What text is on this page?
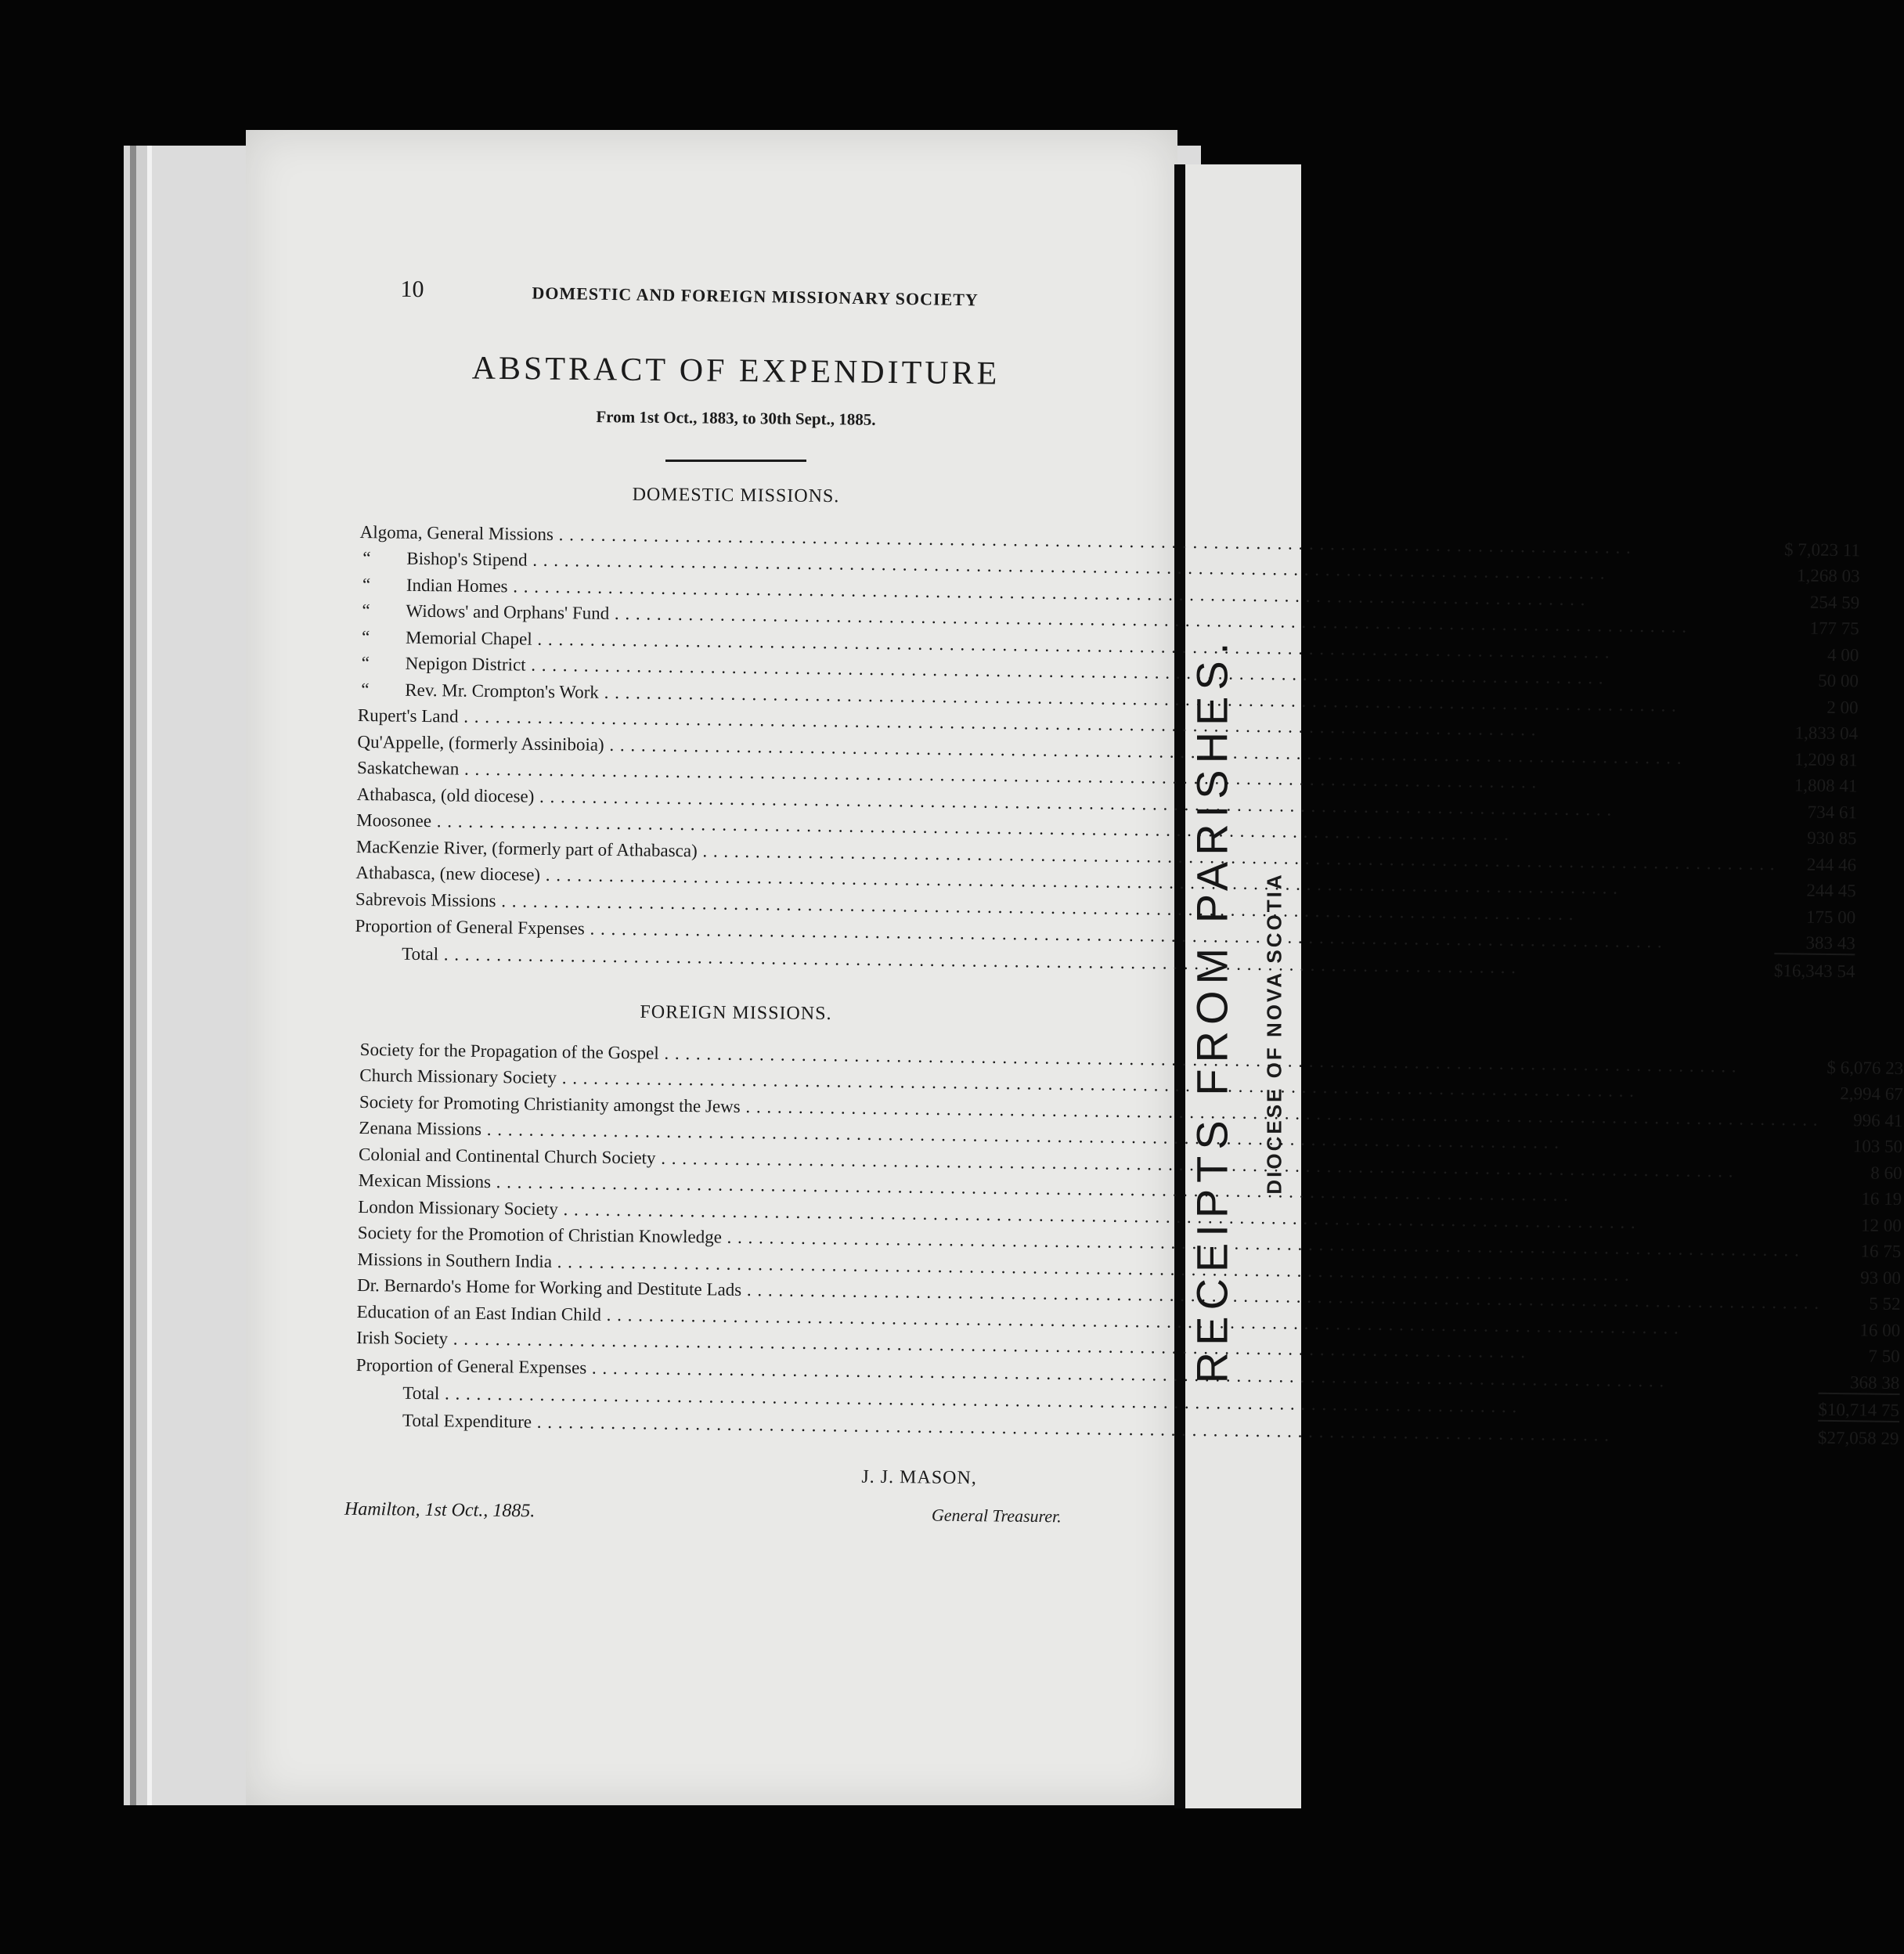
RECEIPTS FROM PARISHES. DIOCESE OF NOVA SCOTIA
10	DOMESTIC AND FOREIGN MISSIONARY SOCIETY
ABSTRACT OF EXPENDITURE
From 1st Oct., 1883, to 30th Sept., 1885.
DOMESTIC MISSIONS.
Algoma, General Missions . . .	$ 7,023 11
“ Bishop's Stipend . . .	1,268 03
“ Indian Homes . . .	254 59
“ Widows' and Orphans' Fund . . .	177 75
“ Memorial Chapel . . .	4 00
“ Nepigon District . . .	50 00
“ Rev. Mr. Crompton's Work . . .	2 00
Rupert's Land . . .	1,833 04
Qu'Appelle, (formerly Assiniboia) . . .	1,209 81
Saskatchewan . . .	1,808 41
Athabasca, (old diocese) . . .	734 61
Moosonee . . .	930 85
MacKenzie River, (formerly part of Athabasca) . . .	244 46
Athabasca, (new diocese) . . .	244 45
Sabrevois Missions . . .	175 00
Proportion of General Fxpenses . . .	383 43
Total . . .	$16,343 54
FOREIGN MISSIONS.
Society for the Propagation of the Gospel . . .	$ 6,076 23
Church Missionary Society . . .	2,994 67
Society for Promoting Christianity amongst the Jews . . .	996 41
Zenana Missions . . .	103 50
Colonial and Continental Church Society . . .	8 60
Mexican Missions . . .	16 19
London Missionary Society . . .	12 00
Society for the Promotion of Christian Knowledge . . .	16 75
Missions in Southern India . . .	93 00
Dr. Bernardo's Home for Working and Destitute Lads . . .	5 52
Education of an East Indian Child . . .	16 00
Irish Society . . .	7 50
Proportion of General Expenses . . .	368 38
Total . . .	$10,714 75
Total Expenditure . . .	$27,058 29
Hamilton, 1st Oct., 1885.
J. J. MASON,
General Treasurer.
